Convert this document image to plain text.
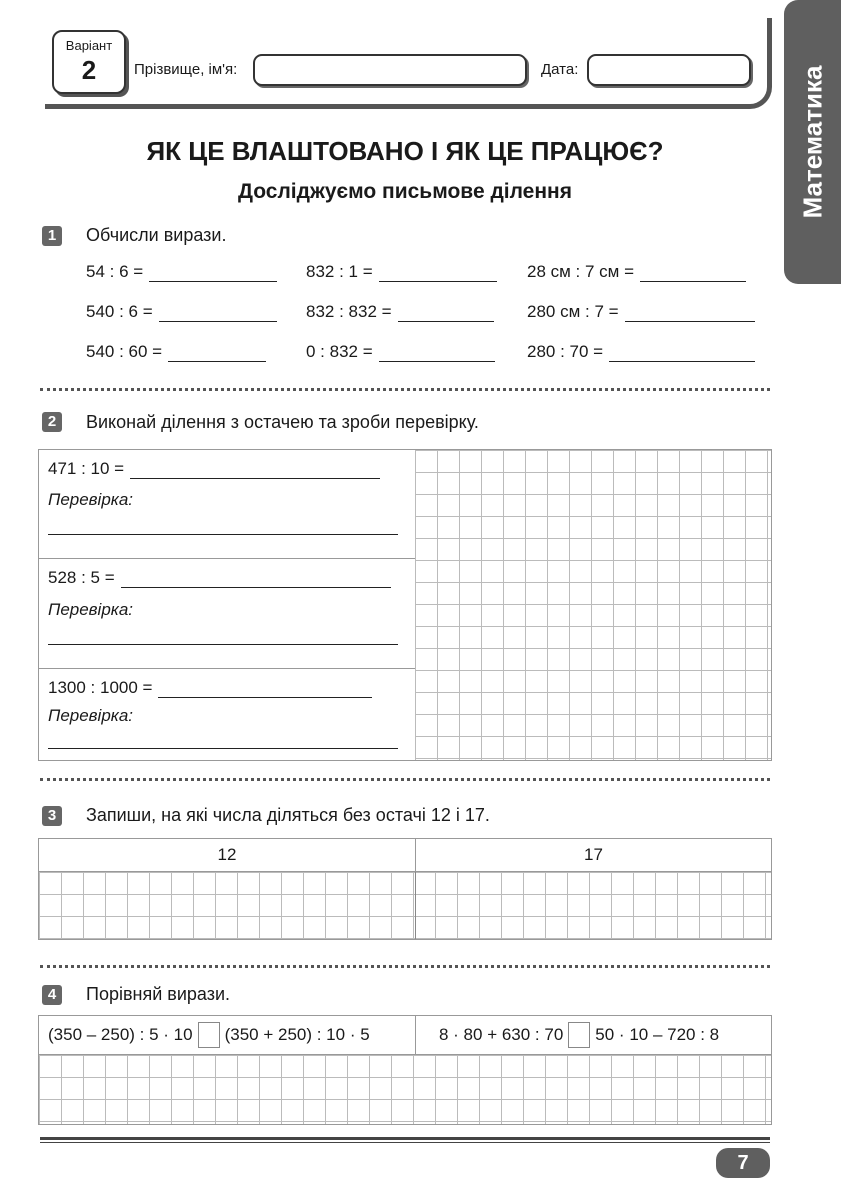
Варіант
2	Прізвище, ім'я:	Дата:	Математика
ЯК ЦЕ ВЛАШТОВАНО І ЯК ЦЕ ПРАЦЮЄ?
Досліджуємо письмове ділення
1	Обчисли вирази.
54 : 6 =	832 : 1 =	28 см : 7 см =
540 : 6 =	832 : 832 =	280 см : 7 =
540 : 60 =	0 : 832 =	280 : 70 =
2	Виконай ділення з остачею та зроби перевірку.
471 : 10 =
Перевірка:
528 : 5 =
Перевірка:
1300 : 1000 =
Перевірка:
3	Запиши, на які числа діляться без остачі 12 і 17.
12	17
4	Порівняй вирази.
(350 – 250) : 5 · 10 (350 + 250) : 10 · 5	8 · 80 + 630 : 70 50 · 10 – 720 : 8
7
